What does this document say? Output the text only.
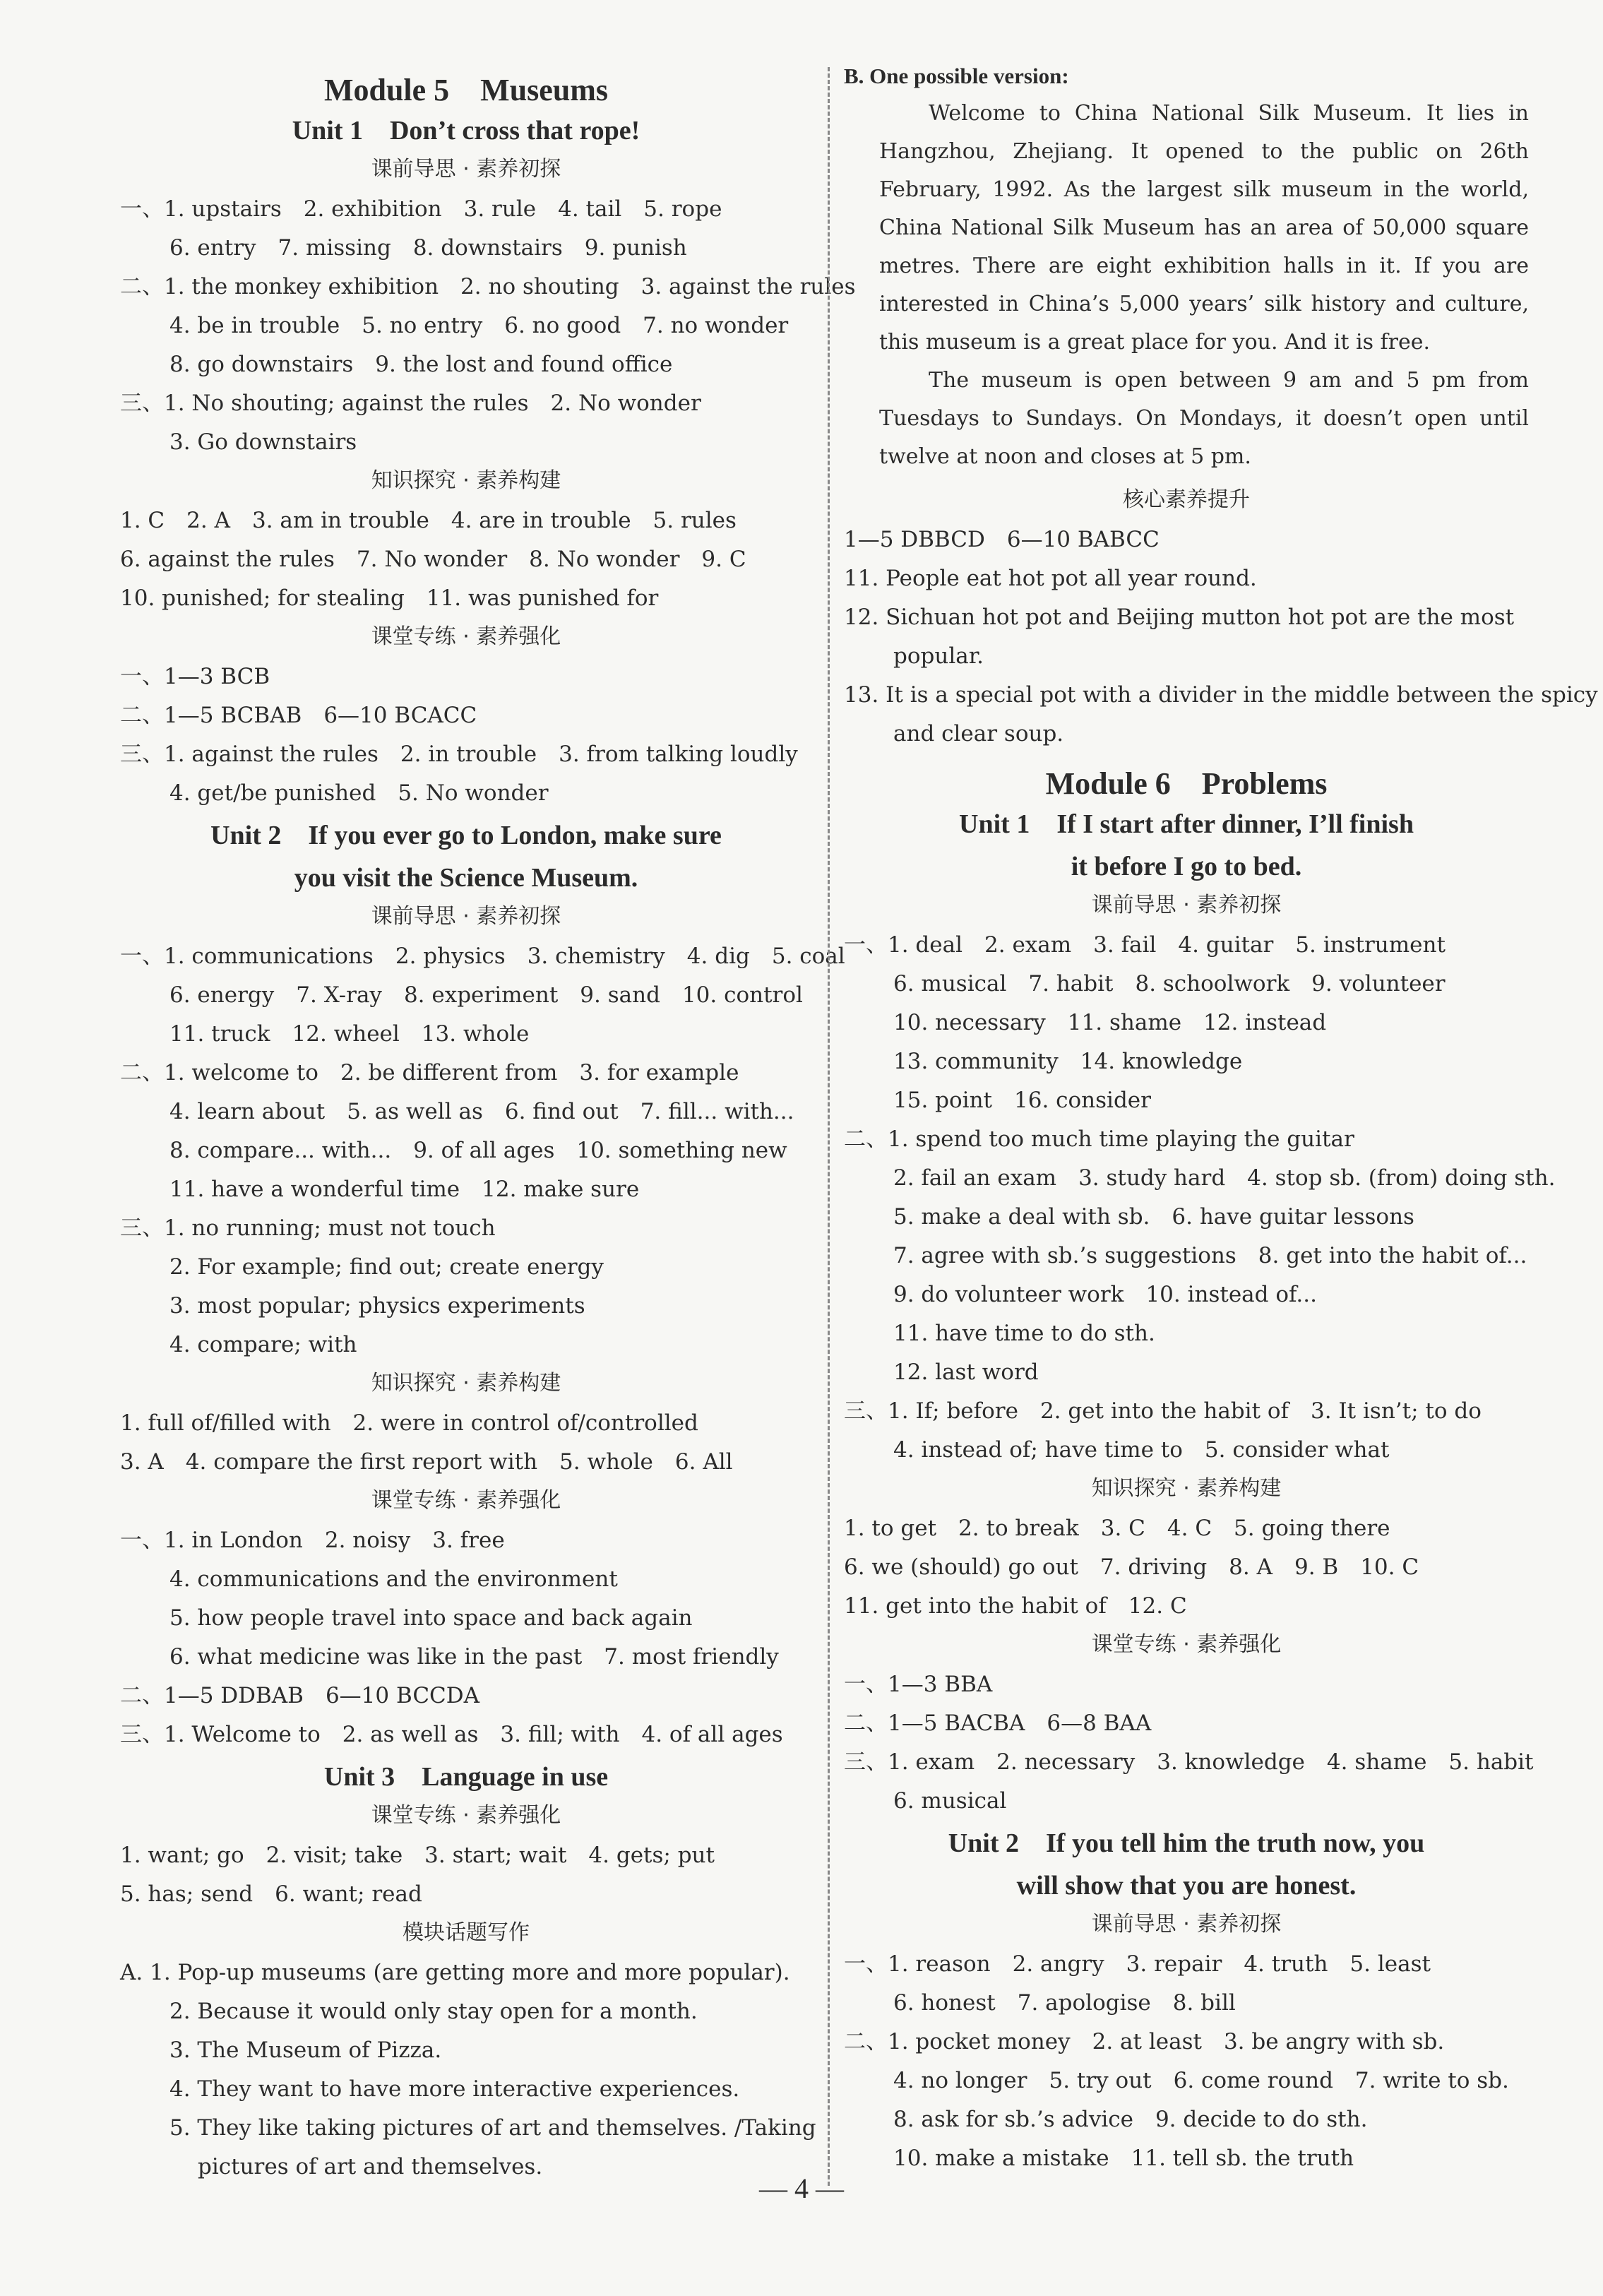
Module 5　Museums
Unit 1　Don’t cross that rope!
课前导思 · 素养初探
一、1. upstairs　2. exhibition　3. rule　4. tail　5. rope
6. entry　7. missing　8. downstairs　9. punish
二、1. the monkey exhibition　2. no shouting　3. against the rules
4. be in trouble　5. no entry　6. no good　7. no wonder
8. go downstairs　9. the lost and found office
三、1. No shouting; against the rules　2. No wonder
3. Go downstairs
知识探究 · 素养构建
1. C　2. A　3. am in trouble　4. are in trouble　5. rules
6. against the rules　7. No wonder　8. No wonder　9. C
10. punished; for stealing　11. was punished for
课堂专练 · 素养强化
一、1—3 BCB
二、1—5 BCBAB　6—10 BCACC
三、1. against the rules　2. in trouble　3. from talking loudly
4. get/be punished　5. No wonder
Unit 2　If you ever go to London, make sure
you visit the Science Museum.
课前导思 · 素养初探
一、1. communications　2. physics　3. chemistry　4. dig　5. coal
6. energy　7. X-ray　8. experiment　9. sand　10. control
11. truck　12. wheel　13. whole
二、1. welcome to　2. be different from　3. for example
4. learn about　5. as well as　6. find out　7. fill... with...
8. compare... with...　9. of all ages　10. something new
11. have a wonderful time　12. make sure
三、1. no running; must not touch
2. For example; find out; create energy
3. most popular; physics experiments
4. compare; with
知识探究 · 素养构建
1. full of/filled with　2. were in control of/controlled
3. A　4. compare the first report with　5. whole　6. All
课堂专练 · 素养强化
一、1. in London　2. noisy　3. free
4. communications and the environment
5. how people travel into space and back again
6. what medicine was like in the past　7. most friendly
二、1—5 DDBAB　6—10 BCCDA
三、1. Welcome to　2. as well as　3. fill; with　4. of all ages
Unit 3　Language in use
课堂专练 · 素养强化
1. want; go　2. visit; take　3. start; wait　4. gets; put
5. has; send　6. want; read
模块话题写作
A. 1. Pop-up museums (are getting more and more popular).
2. Because it would only stay open for a month.
3. The Museum of Pizza.
4. They want to have more interactive experiences.
5. They like taking pictures of art and themselves. /Taking
pictures of art and themselves.
B. One possible version:
Welcome to China National Silk Museum. It lies in Hangzhou, Zhejiang. It opened to the public on 26th February, 1992. As the largest silk museum in the world, China National Silk Museum has an area of 50,000 square metres. There are eight exhibition halls in it. If you are interested in China’s 5,000 years’ silk history and culture, this museum is a great place for you. And it is free.
The museum is open between 9 am and 5 pm from Tuesdays to Sundays. On Mondays, it doesn’t open until twelve at noon and closes at 5 pm.
核心素养提升
1—5 DBBCD　6—10 BABCC
11. People eat hot pot all year round.
12. Sichuan hot pot and Beijing mutton hot pot are the most
popular.
13. It is a special pot with a divider in the middle between the spicy
and clear soup.
Module 6　Problems
Unit 1　If I start after dinner, I’ll finish
it before I go to bed.
课前导思 · 素养初探
一、1. deal　2. exam　3. fail　4. guitar　5. instrument
6. musical　7. habit　8. schoolwork　9. volunteer
10. necessary　11. shame　12. instead
13. community　14. knowledge
15. point　16. consider
二、1. spend too much time playing the guitar
2. fail an exam　3. study hard　4. stop sb. (from) doing sth.
5. make a deal with sb.　6. have guitar lessons
7. agree with sb.’s suggestions　8. get into the habit of...
9. do volunteer work　10. instead of...
11. have time to do sth.
12. last word
三、1. If; before　2. get into the habit of　3. It isn’t; to do
4. instead of; have time to　5. consider what
知识探究 · 素养构建
1. to get　2. to break　3. C　4. C　5. going there
6. we (should) go out　7. driving　8. A　9. B　10. C
11. get into the habit of　12. C
课堂专练 · 素养强化
一、1—3 BBA
二、1—5 BACBA　6—8 BAA
三、1. exam　2. necessary　3. knowledge　4. shame　5. habit
6. musical
Unit 2　If you tell him the truth now, you
will show that you are honest.
课前导思 · 素养初探
一、1. reason　2. angry　3. repair　4. truth　5. least
6. honest　7. apologise　8. bill
二、1. pocket money　2. at least　3. be angry with sb.
4. no longer　5. try out　6. come round　7. write to sb.
8. ask for sb.’s advice　9. decide to do sth.
10. make a mistake　11. tell sb. the truth
— 4 —
